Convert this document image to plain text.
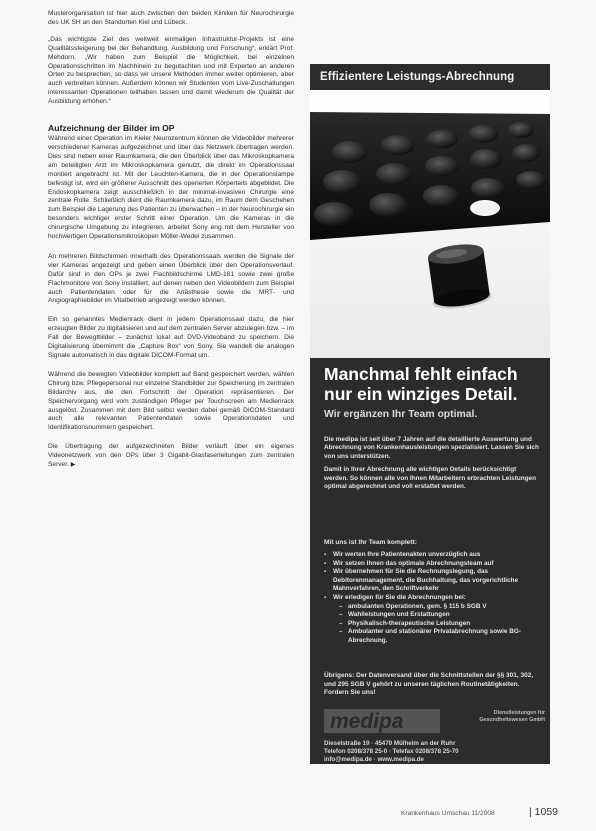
Musterorganisation ist hier auch zwischen den beiden Kliniken für Neurochirurgie des UK SH an den Standorten Kiel und Lübeck.

„Das wichtigste Ziel des weltweit einmaligen Infrastruktur-Projekts ist eine Qualitätssteigerung bei der Behandlung, Ausbildung und Forschung“, erklärt Prof. Mehdorn. „Wir haben zum Beispiel die Möglichkeit, bei einzelnen Operationsschritten im Nachhinein zu begutachten und mit Experten an anderen Orten zu besprechen, so dass wir unsere Methoden immer weiter optimieren, aber auch verbreiten können. Außerdem können wir Studenten vom Live-Zuschaltungen interessanten Operationen teilhaben lassen und damit wiederum die Qualität der Ausbildung erhöhen.“

Aufzeichnung der Bilder im OP

Während einer Operation im Kieler Neurozentrum können die Videobilder mehrerer verschiedener Kameras aufgezeichnet und über das Netzwerk übertragen werden. Dies sind neben einer Raumkamera, die den Überblick über das Mikroskopkamera am beteiligten Arzt im Mikroskopkamera genutzt, die direkt im Operationssaal montiert angebracht ist. Mit der Leuchten-Kamera, die in der Operationslampe befestigt ist, wird ein größerer Ausschnitt des operierten Körperteils abgebildet. Die Endoskopkamera zeigt ausschließlich in der minimal-invasiven Chirurgie eine zentrale Rolle. Schließlich dient die Raumkamera dazu, im Raum dem Geschehen zum Beispiel die Lagerung des Patienten zu überwachen – in der Neurochirurgie ein besonders wichtiger erster Schritt einer Operation. Um die Kameras in die chirurgische Umgebung zu integrieren, arbeitet Sony eng mit dem Hersteller von hochwertigen Operationsmikroskopen Möller-Wedel zusammen.

An mehreren Bildschirmen innerhalb des Operationssaals werden die Signale der vier Kameras angezeigt und geben einen Überblick über den Operationsverlauf. Dafür sind in den OPs je zwei Flachbildschirme LMD-181 sowie zwei große Flachmonitore von Sony installiert, auf denen neben den Videobildern zum Beispiel auch Patientendaten oder für die Anästhesie sowie die MRT- und Angiographiebilder im Vitalbetrieb angezeigt werden können.

Ein so genanntes Medienrack dient in jedem Operationssaal dazu, die hier erzeugten Bilder zu digitalisieren und auf dem zentralen Server abzulegen bzw. – im Fall der Bewegtbilder – zunächst lokal auf DVD-Videoband zu speichern. Die Digitalisierung übernimmt die „Capture Box“ von Sony. Sie wandelt die analogen Signale automatisch in das digitale DICOM-Format um.

Während die bewegten Videobilder komplett auf Band gespeichert werden, wählen Chirurg bzw. Pflegepersonal nur einzelne Standbilder zur Speicherung im zentralen Bildarchiv aus, die den Fortschritt der Operation repräsentieren. Der Speichervorgang wird vom zuständigen Pfleger per Touchscreen am Medienrack ausgelöst. Zusammen mit dem Bild selbst werden dabei gemäß DICOM-Standard auch alle relevanten Patientendaten sowie Operationsdaten und Identifikationsnummern gespeichert.

Die Übertragung der aufgezeichneten Bilder verläuft über ein eigenes Videonetzwerk von den OPs über 3 Gigabit-Glasfaserleitungen zum zentralen Server. ▶

Effizientere Leistungs-Abrechnung
Manchmal fehlt einfach nur ein winziges Detail.
Wir ergänzen Ihr Team optimal.

Die medipa ist seit über 7 Jahren auf die detaillierte Auswertung und Abrechnung von Krankenhausleistungen spezialisiert. Lassen Sie sich von uns unterstützen.

Damit in Ihrer Abrechnung alle wichtigen Details berücksichtigt werden. So können alle von Ihnen Mitarbeitern erbrachten Leistungen optimal abgerechnet und voll erstattet werden.

Mit uns ist Ihr Team komplett:
▪ Wir werten Ihre Patientenakten unverzüglich aus
▪ Wir setzen Ihnen das optimale Abrechnungsteam auf
▪ Wir übernehmen für Sie die Rechnungslegung, das Debitorenmanagement, die Buchhaltung, das vorgerichtliche Mahnverfahren, den Schriftverkehr
▪ Wir erledigen für Sie die Abrechnungen bei:
– ambulanten Operationen, gem. § 115 b SGB V
– Wahlleistungen und Erstattungen
– Physikalisch-therapeutische Leistungen
– Ambulanter und stationärer Privatabrechnung sowie BG-Abrechnung.

Übrigens: Der Datenversand über die Schnittstellen der §§ 301, 302, und 295 SGB V gehört zu unseren täglichen Routinetätigkeiten. Fordern Sie uns!

medipa	Dienstleistungen für Gesundheitswesen GmbH
Dieselstraße 19 · 45470 Mülheim an der Ruhr
Telefon 0208/378 25-0 · Telefax 0208/378 25-70
info@medipa.de · www.medipa.de
Krankenhaus Umschau 11/2008	| 1059
